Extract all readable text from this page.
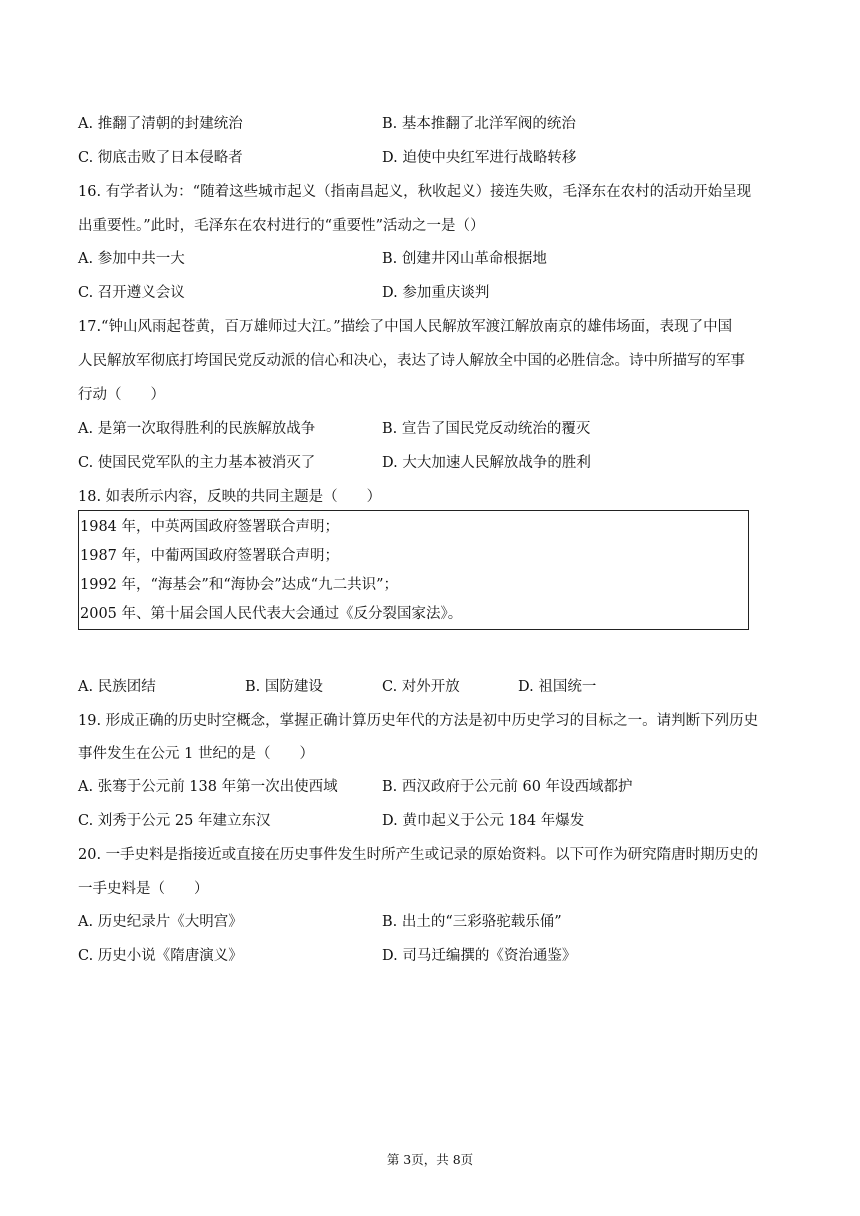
A. 推翻了清朝的封建统治	B. 基本推翻了北洋军阀的统治
C. 彻底击败了日本侵略者	D. 迫使中央红军进行战略转移
16. 有学者认为：“随着这些城市起义（指南昌起义，秋收起义）接连失败，毛泽东在农村的活动开始呈现
出重要性。”此时，毛泽东在农村进行的“重要性”活动之一是（）
A. 参加中共一大	B. 创建井冈山革命根据地
C. 召开遵义会议	D. 参加重庆谈判
17.“钟山风雨起苍黄，百万雄师过大江。”描绘了中国人民解放军渡江解放南京的雄伟场面，表现了中国
人民解放军彻底打垮国民党反动派的信心和决心，表达了诗人解放全中国的必胜信念。诗中所描写的军事
行动（　　）
A. 是第一次取得胜利的民族解放战争	B. 宣告了国民党反动统治的覆灭
C. 使国民党军队的主力基本被消灭了	D. 大大加速人民解放战争的胜利
18. 如表所示内容，反映的共同主题是（　　）
1984 年，中英两国政府签署联合声明；
1987 年，中葡两国政府签署联合声明；
1992 年，“海基会”和“海协会”达成“九二共识”；
2005 年、第十届会国人民代表大会通过《反分裂国家法》。
A. 民族团结	B. 国防建设	C. 对外开放	D. 祖国统一
19. 形成正确的历史时空概念，掌握正确计算历史年代的方法是初中历史学习的目标之一。请判断下列历史
事件发生在公元 1 世纪的是（　　）
A. 张骞于公元前 138 年第一次出使西域	B. 西汉政府于公元前 60 年设西域都护
C. 刘秀于公元 25 年建立东汉	D. 黄巾起义于公元 184 年爆发
20. 一手史料是指接近或直接在历史事件发生时所产生或记录的原始资料。以下可作为研究隋唐时期历史的
一手史料是（　　）
A. 历史纪录片《大明宫》	B. 出土的“三彩骆驼载乐俑”
C. 历史小说《隋唐演义》	D. 司马迁编撰的《资治通鉴》
第 3页，共 8页
